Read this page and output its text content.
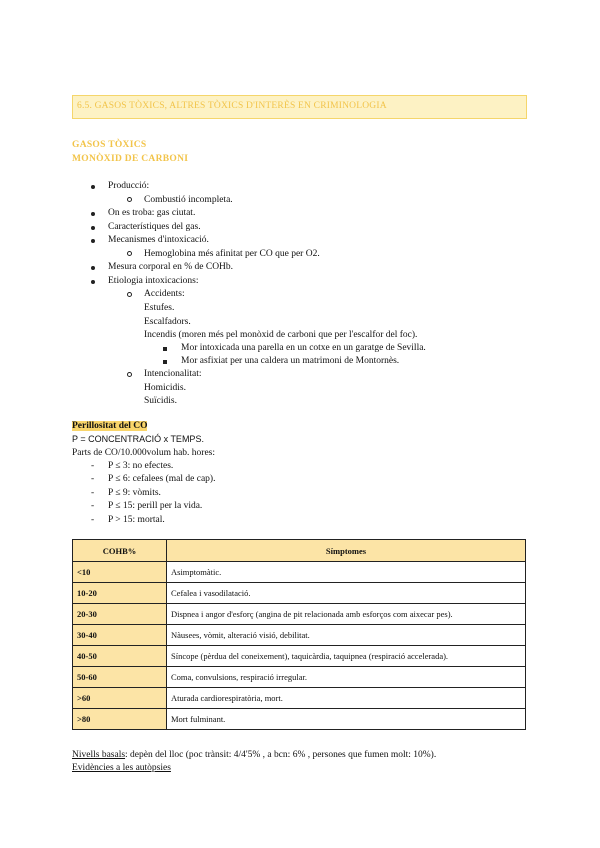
6.5. GASOS TÒXICS, ALTRES TÒXICS D'INTERÈS EN CRIMINOLOGIA
GASOS TÒXICS
MONÒXID DE CARBONI
Producció:
Combustió incompleta.
On es troba: gas ciutat.
Característiques del gas.
Mecanismes d'intoxicació.
Hemoglobina més afinitat per CO que per O2.
Mesura corporal en % de COHb.
Etiologia intoxicacions:
Accidents:
Estufes.
Escalfadors.
Incendis (moren més pel monòxid de carboni que per l'escalfor del foc).
Mor intoxicada una parella en un cotxe en un garatge de Sevilla.
Mor asfixiat per una caldera un matrimoni de Montornès.
Intencionalitat:
Homicidis.
Suïcidis.
Perillositat del CO
P = CONCENTRACIÓ x TEMPS.
Parts de CO/10.000volum hab. hores:
- P ≤ 3: no efectes.
- P ≤ 6: cefalees (mal de cap).
- P ≤ 9: vòmits.
- P ≤ 15: perill per la vida.
- P > 15: mortal.
COHB%	Símptomes
<10	Asimptomàtic.
10-20	Cefalea i vasodilatació.
20-30	Dispnea i angor d'esforç (angina de pit relacionada amb esforços com aixecar pes).
30-40	Nàusees, vòmit, alteració visió, debilitat.
40-50	Síncope (pèrdua del coneixement), taquicàrdia, taquipnea (respiració accelerada).
50-60	Coma, convulsions, respiració irregular.
>60	Aturada cardiorespiratòria, mort.
>80	Mort fulminant.
Nivells basals: depèn del lloc (poc trànsit: 4/4'5% , a bcn: 6% , persones que fumen molt: 10%).
Evidències a les autòpsies
